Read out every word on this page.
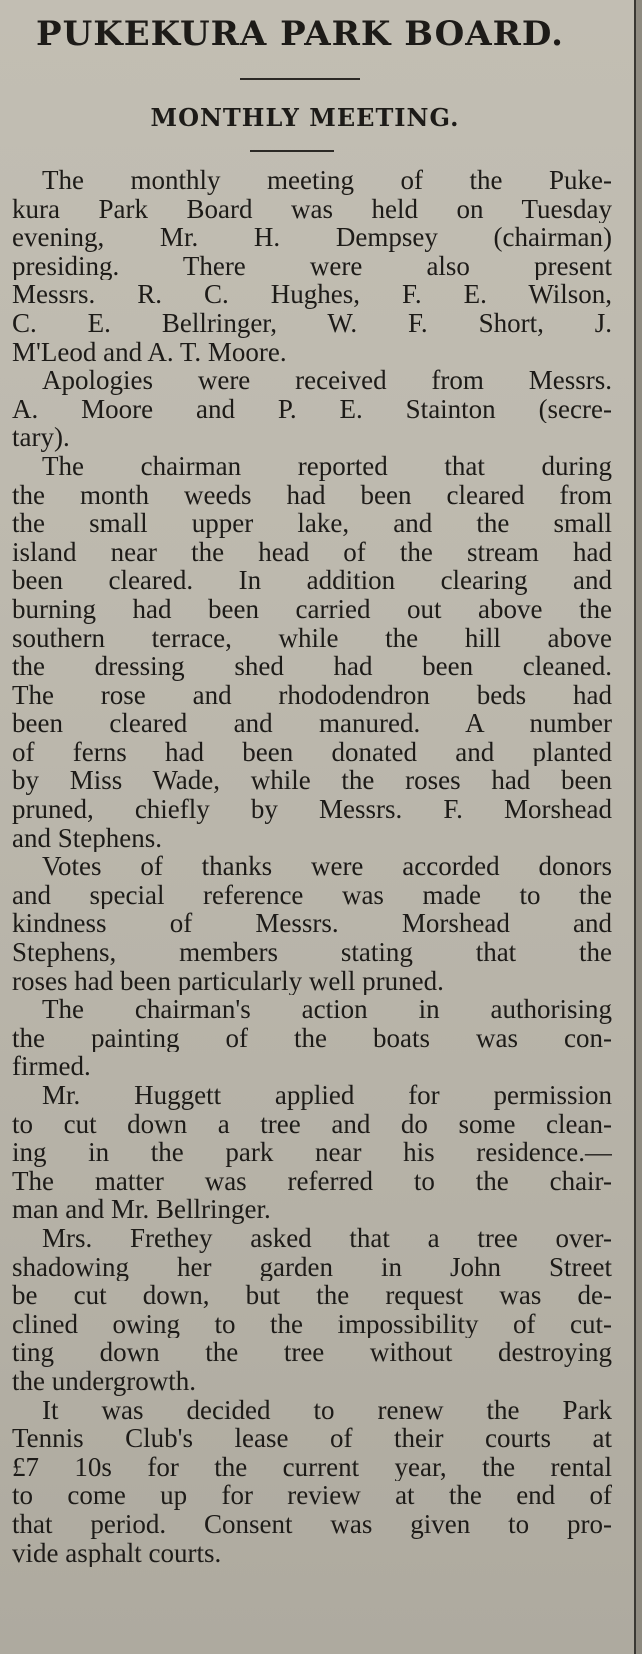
PUKEKURA PARK BOARD.
MONTHLY MEETING.
The monthly meeting of the Puke-
kura Park Board was held on Tuesday
evening, Mr. H. Dempsey (chairman)
presiding. There were also present
Messrs. R. C. Hughes, F. E. Wilson,
C. E. Bellringer, W. F. Short, J.
M'Leod and A. T. Moore.
Apologies were received from Messrs.
A. Moore and P. E. Stainton (secre-
tary).
The chairman reported that during
the month weeds had been cleared from
the small upper lake, and the small
island near the head of the stream had
been cleared. In addition clearing and
burning had been carried out above the
southern terrace, while the hill above
the dressing shed had been cleaned.
The rose and rhododendron beds had
been cleared and manured. A number
of ferns had been donated and planted
by Miss Wade, while the roses had been
pruned, chiefly by Messrs. F. Morshead
and Stephens.
Votes of thanks were accorded donors
and special reference was made to the
kindness of Messrs. Morshead and
Stephens, members stating that the
roses had been particularly well pruned.
The chairman's action in authorising
the painting of the boats was con-
firmed.
Mr. Huggett applied for permission
to cut down a tree and do some clean-
ing in the park near his residence.—
The matter was referred to the chair-
man and Mr. Bellringer.
Mrs. Frethey asked that a tree over-
shadowing her garden in John Street
be cut down, but the request was de-
clined owing to the impossibility of cut-
ting down the tree without destroying
the undergrowth.
It was decided to renew the Park
Tennis Club's lease of their courts at
£7 10s for the current year, the rental
to come up for review at the end of
that period. Consent was given to pro-
vide asphalt courts.
